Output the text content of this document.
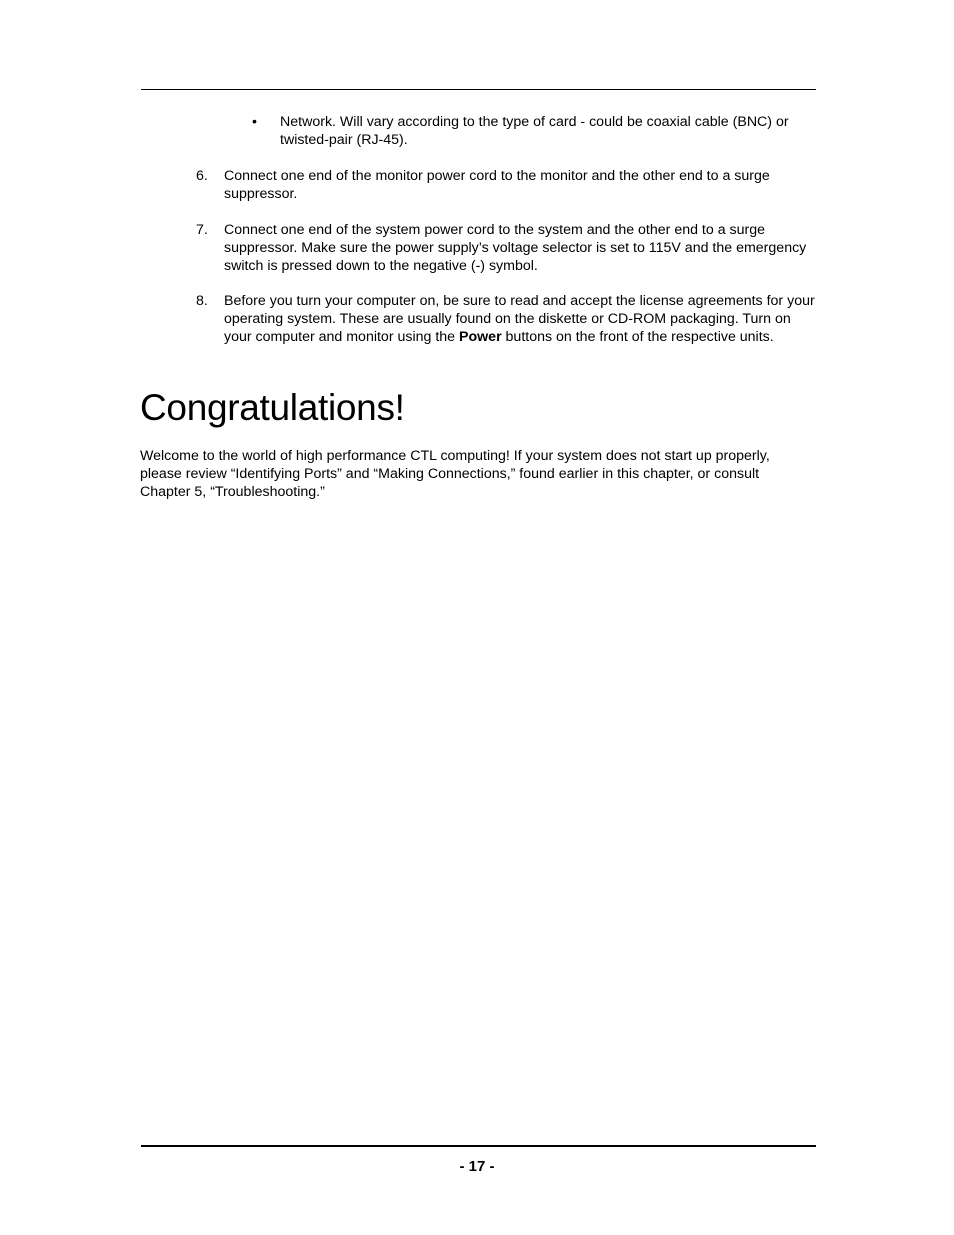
•	Network. Will vary according to the type of card - could be coaxial cable (BNC) or twisted-pair (RJ-45).
6. Connect one end of the monitor power cord to the monitor and the other end to a surge suppressor.
7. Connect one end of the system power cord to the system and the other end to a surge suppressor. Make sure the power supply’s voltage selector is set to 115V and the emergency switch is pressed down to the negative (-) symbol.
8. Before you turn your computer on, be sure to read and accept the license agreements for your operating system. These are usually found on the diskette or CD-ROM packaging. Turn on your computer and monitor using the Power buttons on the front of the respective units.
Congratulations!
Welcome to the world of high performance CTL computing! If your system does not start up properly, please review “Identifying Ports” and “Making Connections,” found earlier in this chapter, or consult Chapter 5, “Troubleshooting.”
- 17 -
